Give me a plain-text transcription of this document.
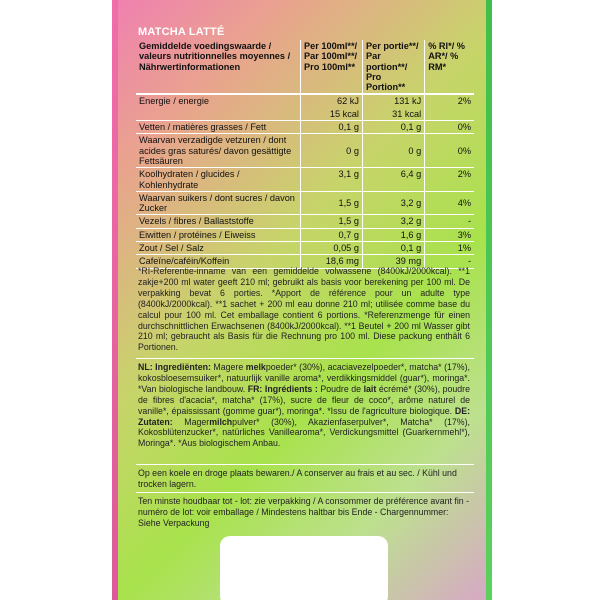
MATCHA LATTÉ
Gemiddelde voedingswaarde / valeurs nutritionnelles moyennes / Nährwertinformationen	Per 100ml**/ Par 100ml**/ Pro 100ml**	Per portie**/ Par portion**/ Pro Portion**	% RI*/ % AR*/ % RM*
Energie / energie	62 kJ	131 kJ	2%
	15 kcal	31 kcal	
Vetten / matières grasses / Fett	0,1 g	0,1 g	0%
Waarvan verzadigde vetzuren / dont acides gras saturés/ davon gesättigte Fettsäuren	0 g	0 g	0%
Koolhydraten / glucides / Kohlenhydrate	3,1 g	6,4 g	2%
Waarvan suikers / dont sucres / davon Zucker	1,5 g	3,2 g	4%
Vezels / fibres / Ballaststoffe	1,5 g	3,2 g	-
Eiwitten / protéines / Eiweiss	0,7 g	1,6 g	3%
Zout / Sel / Salz	0,05 g	0,1 g	1%
Cafeïne/caféin/Koffein	18,6 mg	39 mg	-
*RI-Referentie-inname van een gemiddelde volwassene (8400kJ/2000kcal). **1 zakje+200 ml water geeft 210 ml; gebruikt als basis voor berekening per 100 ml. De verpakking bevat 6 porties. *Apport de référence pour un adulte type (8400kJ/2000kcal). **1 sachet + 200 ml eau donne 210 ml; utilisée comme base du calcul pour 100 ml. Cet emballage contient 6 portions. *Referenzmenge für einen durchschnittlichen Erwachsenen (8400kJ/2000kcal). **1 Beutel + 200 ml Wasser gibt 210 ml; gebraucht als Basis für die Rechnung pro 100 ml. Diese packung enthält 6 Portionen.
NL: Ingrediënten: Magere melkpoeder* (30%), acaciavezelpoeder*, matcha* (17%), kokosbloesemsuiker*, natuurlijk vanille aroma*, verdikkingsmiddel (guar*), moringa*. *Van biologische landbouw. FR: Ingrédients : Poudre de lait écrémé* (30%), poudre de fibres d'acacia*, matcha* (17%), sucre de fleur de coco*, arôme naturel de vanille*, épaississant (gomme guar*), moringa*. *Issu de l'agriculture biologique. DE: Zutaten: Magermilchpulver* (30%), Akazienfaserpulver*, Matcha* (17%), Kokosblütenzucker*, natürliches Vanillearoma*, Verdickungsmittel (Guarkernmehl*), Moringa*. *Aus biologischem Anbau.
Op een koele en droge plaats bewaren./ A conserver au frais et au sec. / Kühl und trocken lagern.
Ten minste houdbaar tot - lot: zie verpakking / A consommer de préférence avant fin - numéro de lot: voir emballage / Mindestens haltbar bis Ende - Chargennummer: Siehe Verpackung
